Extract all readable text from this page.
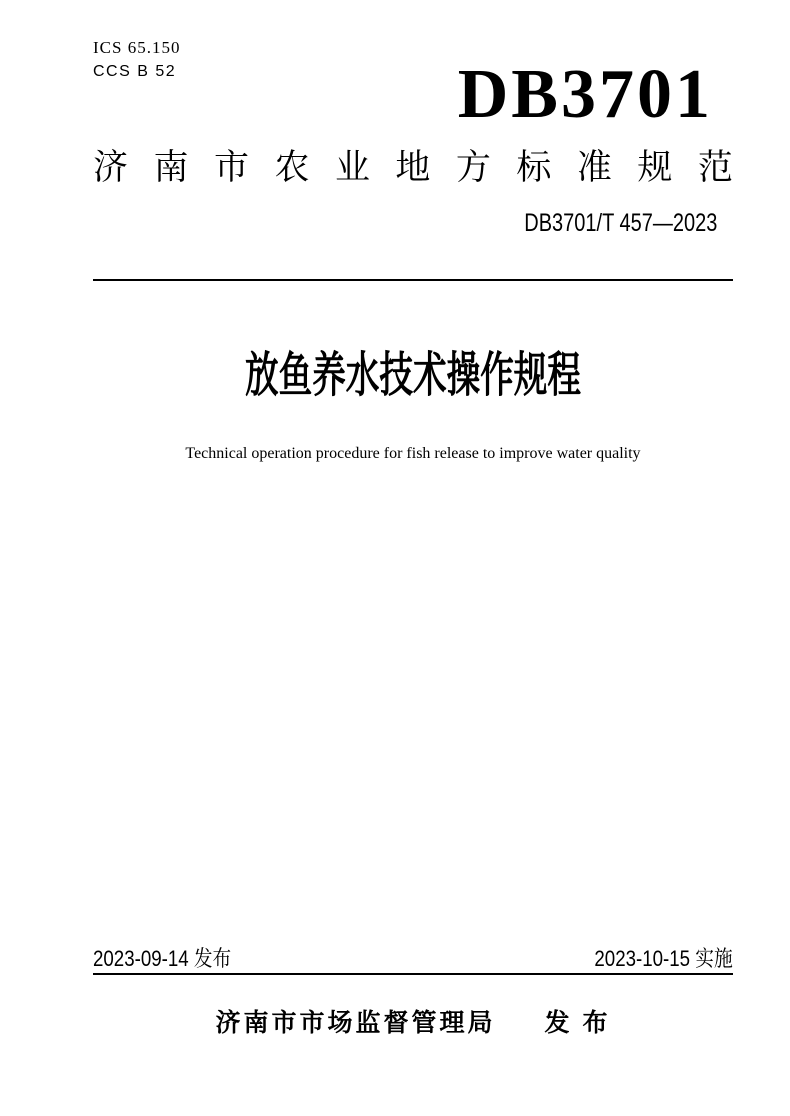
ICS 65.150
CCS B 52	DB3701
济 南 市 农 业 地 方 标 准 规 范
DB3701/T 457—2023
放鱼养水技术操作规程
Technical operation procedure for fish release to improve water quality
2023-09-14 发布	2023-10-15 实施
济南市市场监督管理局 发 布
